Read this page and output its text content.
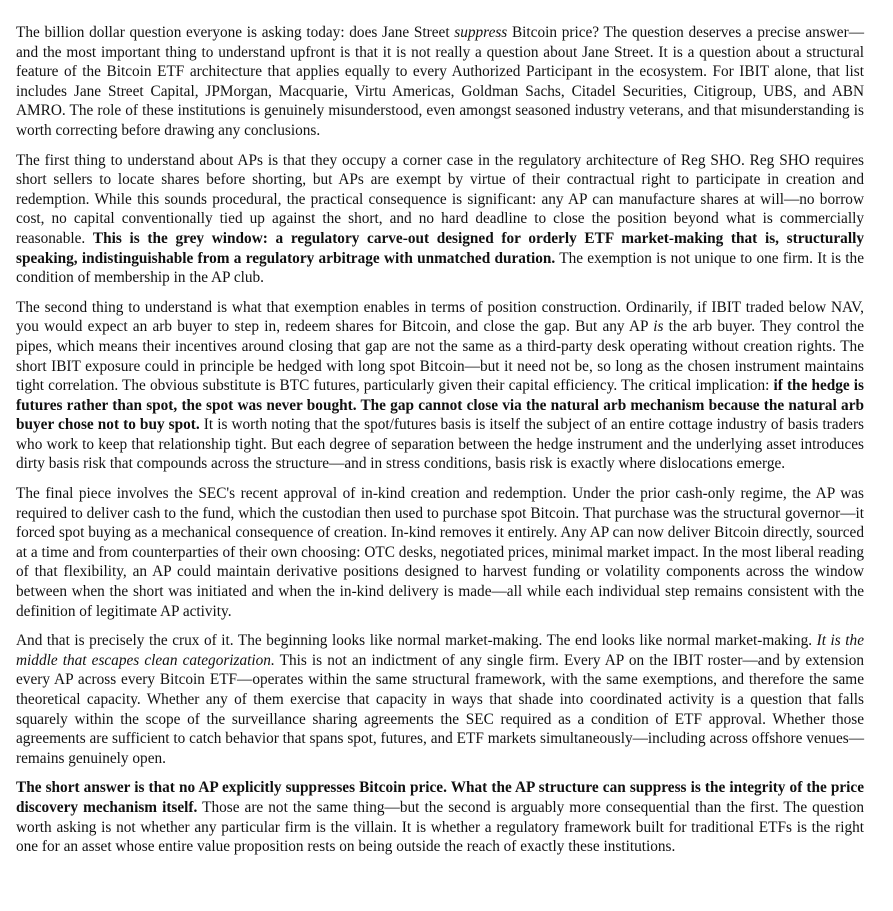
The billion dollar question everyone is asking today: does Jane Street suppress Bitcoin price? The question deserves a precise answer—and the most important thing to understand upfront is that it is not really a question about Jane Street. It is a question about a structural feature of the Bitcoin ETF architecture that applies equally to every Authorized Participant in the ecosystem. For IBIT alone, that list includes Jane Street Capital, JPMorgan, Macquarie, Virtu Americas, Goldman Sachs, Citadel Securities, Citigroup, UBS, and ABN AMRO. The role of these institutions is genuinely misunderstood, even amongst seasoned industry veterans, and that misunderstanding is worth correcting before drawing any conclusions.

The first thing to understand about APs is that they occupy a corner case in the regulatory architecture of Reg SHO. Reg SHO requires short sellers to locate shares before shorting, but APs are exempt by virtue of their contractual right to participate in creation and redemption. While this sounds procedural, the practical consequence is significant: any AP can manufacture shares at will—no borrow cost, no capital conventionally tied up against the short, and no hard deadline to close the position beyond what is commercially reasonable. This is the grey window: a regulatory carve-out designed for orderly ETF market-making that is, structurally speaking, indistinguishable from a regulatory arbitrage with unmatched duration. The exemption is not unique to one firm. It is the condition of membership in the AP club.

The second thing to understand is what that exemption enables in terms of position construction. Ordinarily, if IBIT traded below NAV, you would expect an arb buyer to step in, redeem shares for Bitcoin, and close the gap. But any AP is the arb buyer. They control the pipes, which means their incentives around closing that gap are not the same as a third-party desk operating without creation rights. The short IBIT exposure could in principle be hedged with long spot Bitcoin—but it need not be, so long as the chosen instrument maintains tight correlation. The obvious substitute is BTC futures, particularly given their capital efficiency. The critical implication: if the hedge is futures rather than spot, the spot was never bought. The gap cannot close via the natural arb mechanism because the natural arb buyer chose not to buy spot. It is worth noting that the spot/futures basis is itself the subject of an entire cottage industry of basis traders who work to keep that relationship tight. But each degree of separation between the hedge instrument and the underlying asset introduces dirty basis risk that compounds across the structure—and in stress conditions, basis risk is exactly where dislocations emerge.

The final piece involves the SEC's recent approval of in-kind creation and redemption. Under the prior cash-only regime, the AP was required to deliver cash to the fund, which the custodian then used to purchase spot Bitcoin. That purchase was the structural governor—it forced spot buying as a mechanical consequence of creation. In-kind removes it entirely. Any AP can now deliver Bitcoin directly, sourced at a time and from counterparties of their own choosing: OTC desks, negotiated prices, minimal market impact. In the most liberal reading of that flexibility, an AP could maintain derivative positions designed to harvest funding or volatility components across the window between when the short was initiated and when the in-kind delivery is made—all while each individual step remains consistent with the definition of legitimate AP activity.

And that is precisely the crux of it. The beginning looks like normal market-making. The end looks like normal market-making. It is the middle that escapes clean categorization. This is not an indictment of any single firm. Every AP on the IBIT roster—and by extension every AP across every Bitcoin ETF—operates within the same structural framework, with the same exemptions, and therefore the same theoretical capacity. Whether any of them exercise that capacity in ways that shade into coordinated activity is a question that falls squarely within the scope of the surveillance sharing agreements the SEC required as a condition of ETF approval. Whether those agreements are sufficient to catch behavior that spans spot, futures, and ETF markets simultaneously—including across offshore venues—remains genuinely open.

The short answer is that no AP explicitly suppresses Bitcoin price. What the AP structure can suppress is the integrity of the price discovery mechanism itself. Those are not the same thing—but the second is arguably more consequential than the first. The question worth asking is not whether any particular firm is the villain. It is whether a regulatory framework built for traditional ETFs is the right one for an asset whose entire value proposition rests on being outside the reach of exactly these institutions.
